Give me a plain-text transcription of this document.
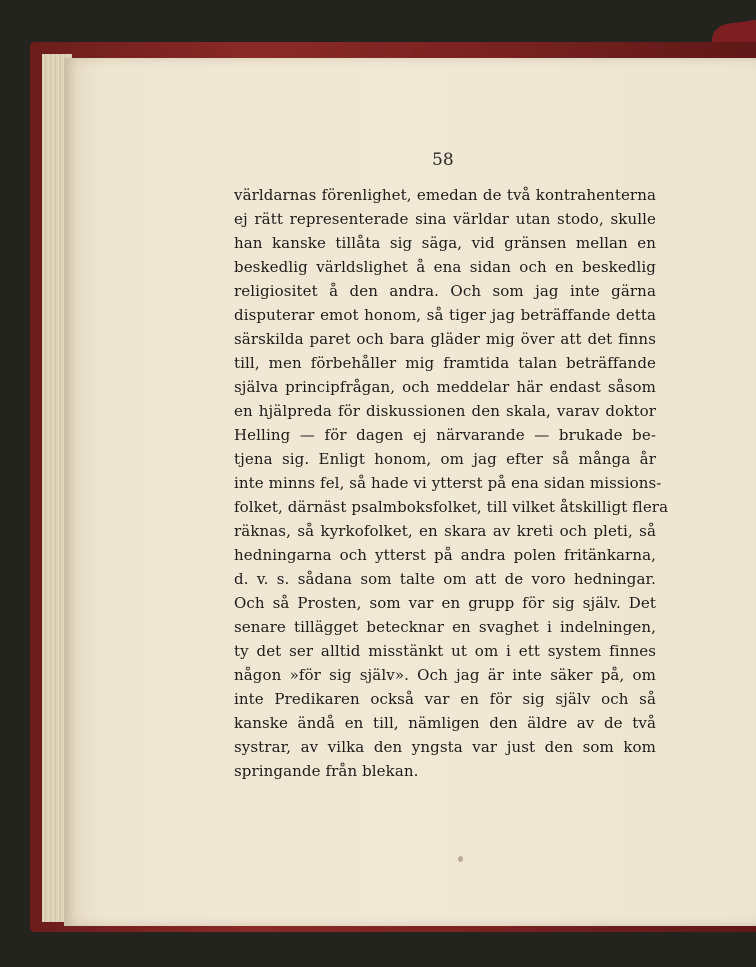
58
världarnas förenlighet, emedan de två kontrahenterna
ej rätt representerade sina världar utan stodo, skulle
han kanske tillåta sig säga, vid gränsen mellan en
beskedlig världslighet å ena sidan och en beskedlig
religiositet å den andra. Och som jag inte gärna
disputerar emot honom, så tiger jag beträffande detta
särskilda paret och bara gläder mig över att det finns
till, men förbehåller mig framtida talan beträffande
själva principfrågan, och meddelar här endast såsom
en hjälpreda för diskussionen den skala, varav doktor
Helling — för dagen ej närvarande — brukade be-
tjena sig. Enligt honom, om jag efter så många år
inte minns fel, så hade vi ytterst på ena sidan missions-
folket, därnäst psalmboksfolket, till vilket åtskilligt flera
räknas, så kyrkofolket, en skara av kreti och pleti, så
hedningarna och ytterst på andra polen fritänkarna,
d. v. s. sådana som talte om att de voro hedningar.
Och så Prosten, som var en grupp för sig själv. Det
senare tillägget betecknar en svaghet i indelningen,
ty det ser alltid misstänkt ut om i ett system finnes
någon »för sig själv». Och jag är inte säker på, om
inte Predikaren också var en för sig själv och så
kanske ändå en till, nämligen den äldre av de två
systrar, av vilka den yngsta var just den som kom
springande från blekan.
